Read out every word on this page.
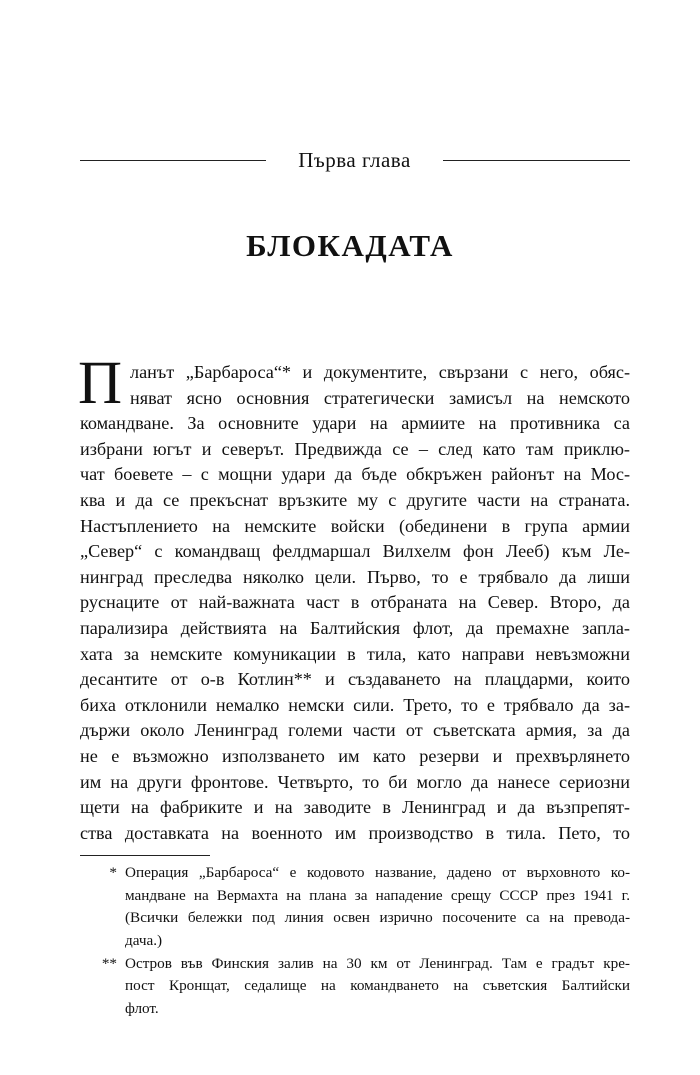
Първа глава
БЛОКАДАТА
П ланът „Барбароса“* и документите, свързани с него, обяс-
няват ясно основния стратегически замисъл на немското
командване. За основните удари на армиите на противника са
избрани югът и северът. Предвижда се – след като там приклю-
чат боевете – с мощни удари да бъде обкръжен районът на Мос-
ква и да се прекъснат връзките му с другите части на страната.
Настъплението на немските войски (обединени в група армии
„Север“ с командващ фелдмаршал Вилхелм фон Лееб) към Ле-
нинград преследва няколко цели. Първо, то е трябвало да лиши
руснаците от най-важната част в отбраната на Север. Второ, да
парализира действията на Балтийския флот, да премахне запла-
хата за немските комуникации в тила, като направи невъзможни
десантите от о-в Котлин** и създаването на плацдарми, които
биха отклонили немалко немски сили. Трето, то е трябвало да за-
държи около Ленинград големи части от съветската армия, за да
не е възможно използването им като резерви и прехвърлянето
им на други фронтове. Четвърто, то би могло да нанесе сериозни
щети на фабриките и на заводите в Ленинград и да възпрепят-
ства доставката на военното им производство в тила. Пето, то
* Операция „Барбароса“ е кодовото название, дадено от върховното ко-
мандване на Вермахта на плана за нападение срещу СССР през 1941 г.
(Всички бележки под линия освен изрично посочените са на преводa-
дача.)
** Остров във Финския залив на 30 км от Ленинград. Там е градът кре-
пост Кронщат, седалище на командването на съветския Балтийски
флот.
